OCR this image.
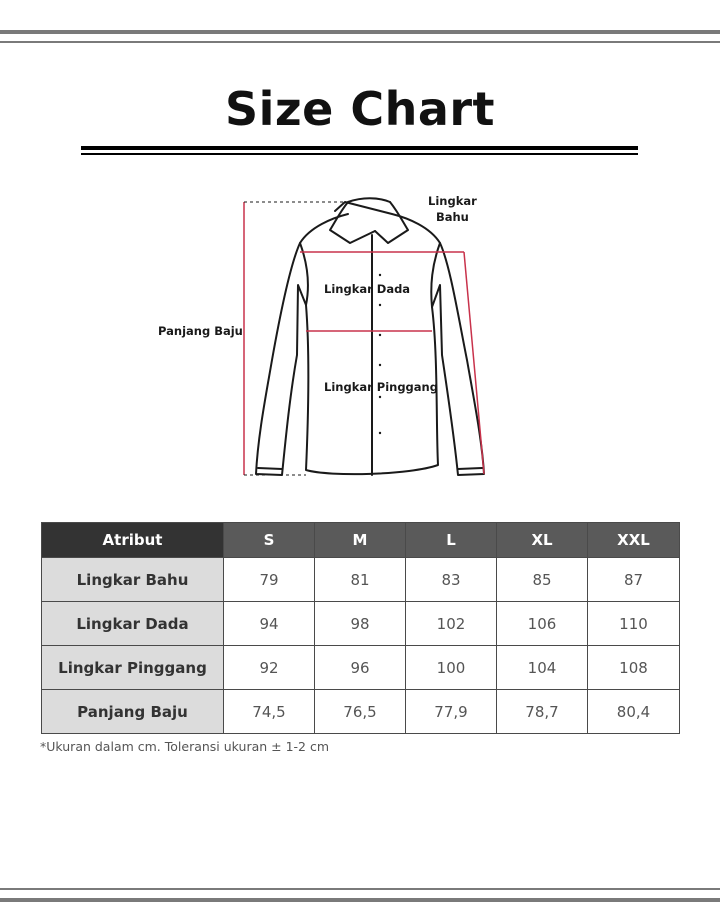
Size Chart
Lingkar
Bahu
Lingkar Dada
Panjang Baju
Lingkar Pinggang
Atribut	S	M	L	XL	XXL
Lingkar Bahu	79	81	83	85	87
Lingkar Dada	94	98	102	106	110
Lingkar Pinggang	92	96	100	104	108
Panjang Baju	74,5	76,5	77,9	78,7	80,4
*Ukuran dalam cm. Toleransi ukuran ± 1-2 cm
